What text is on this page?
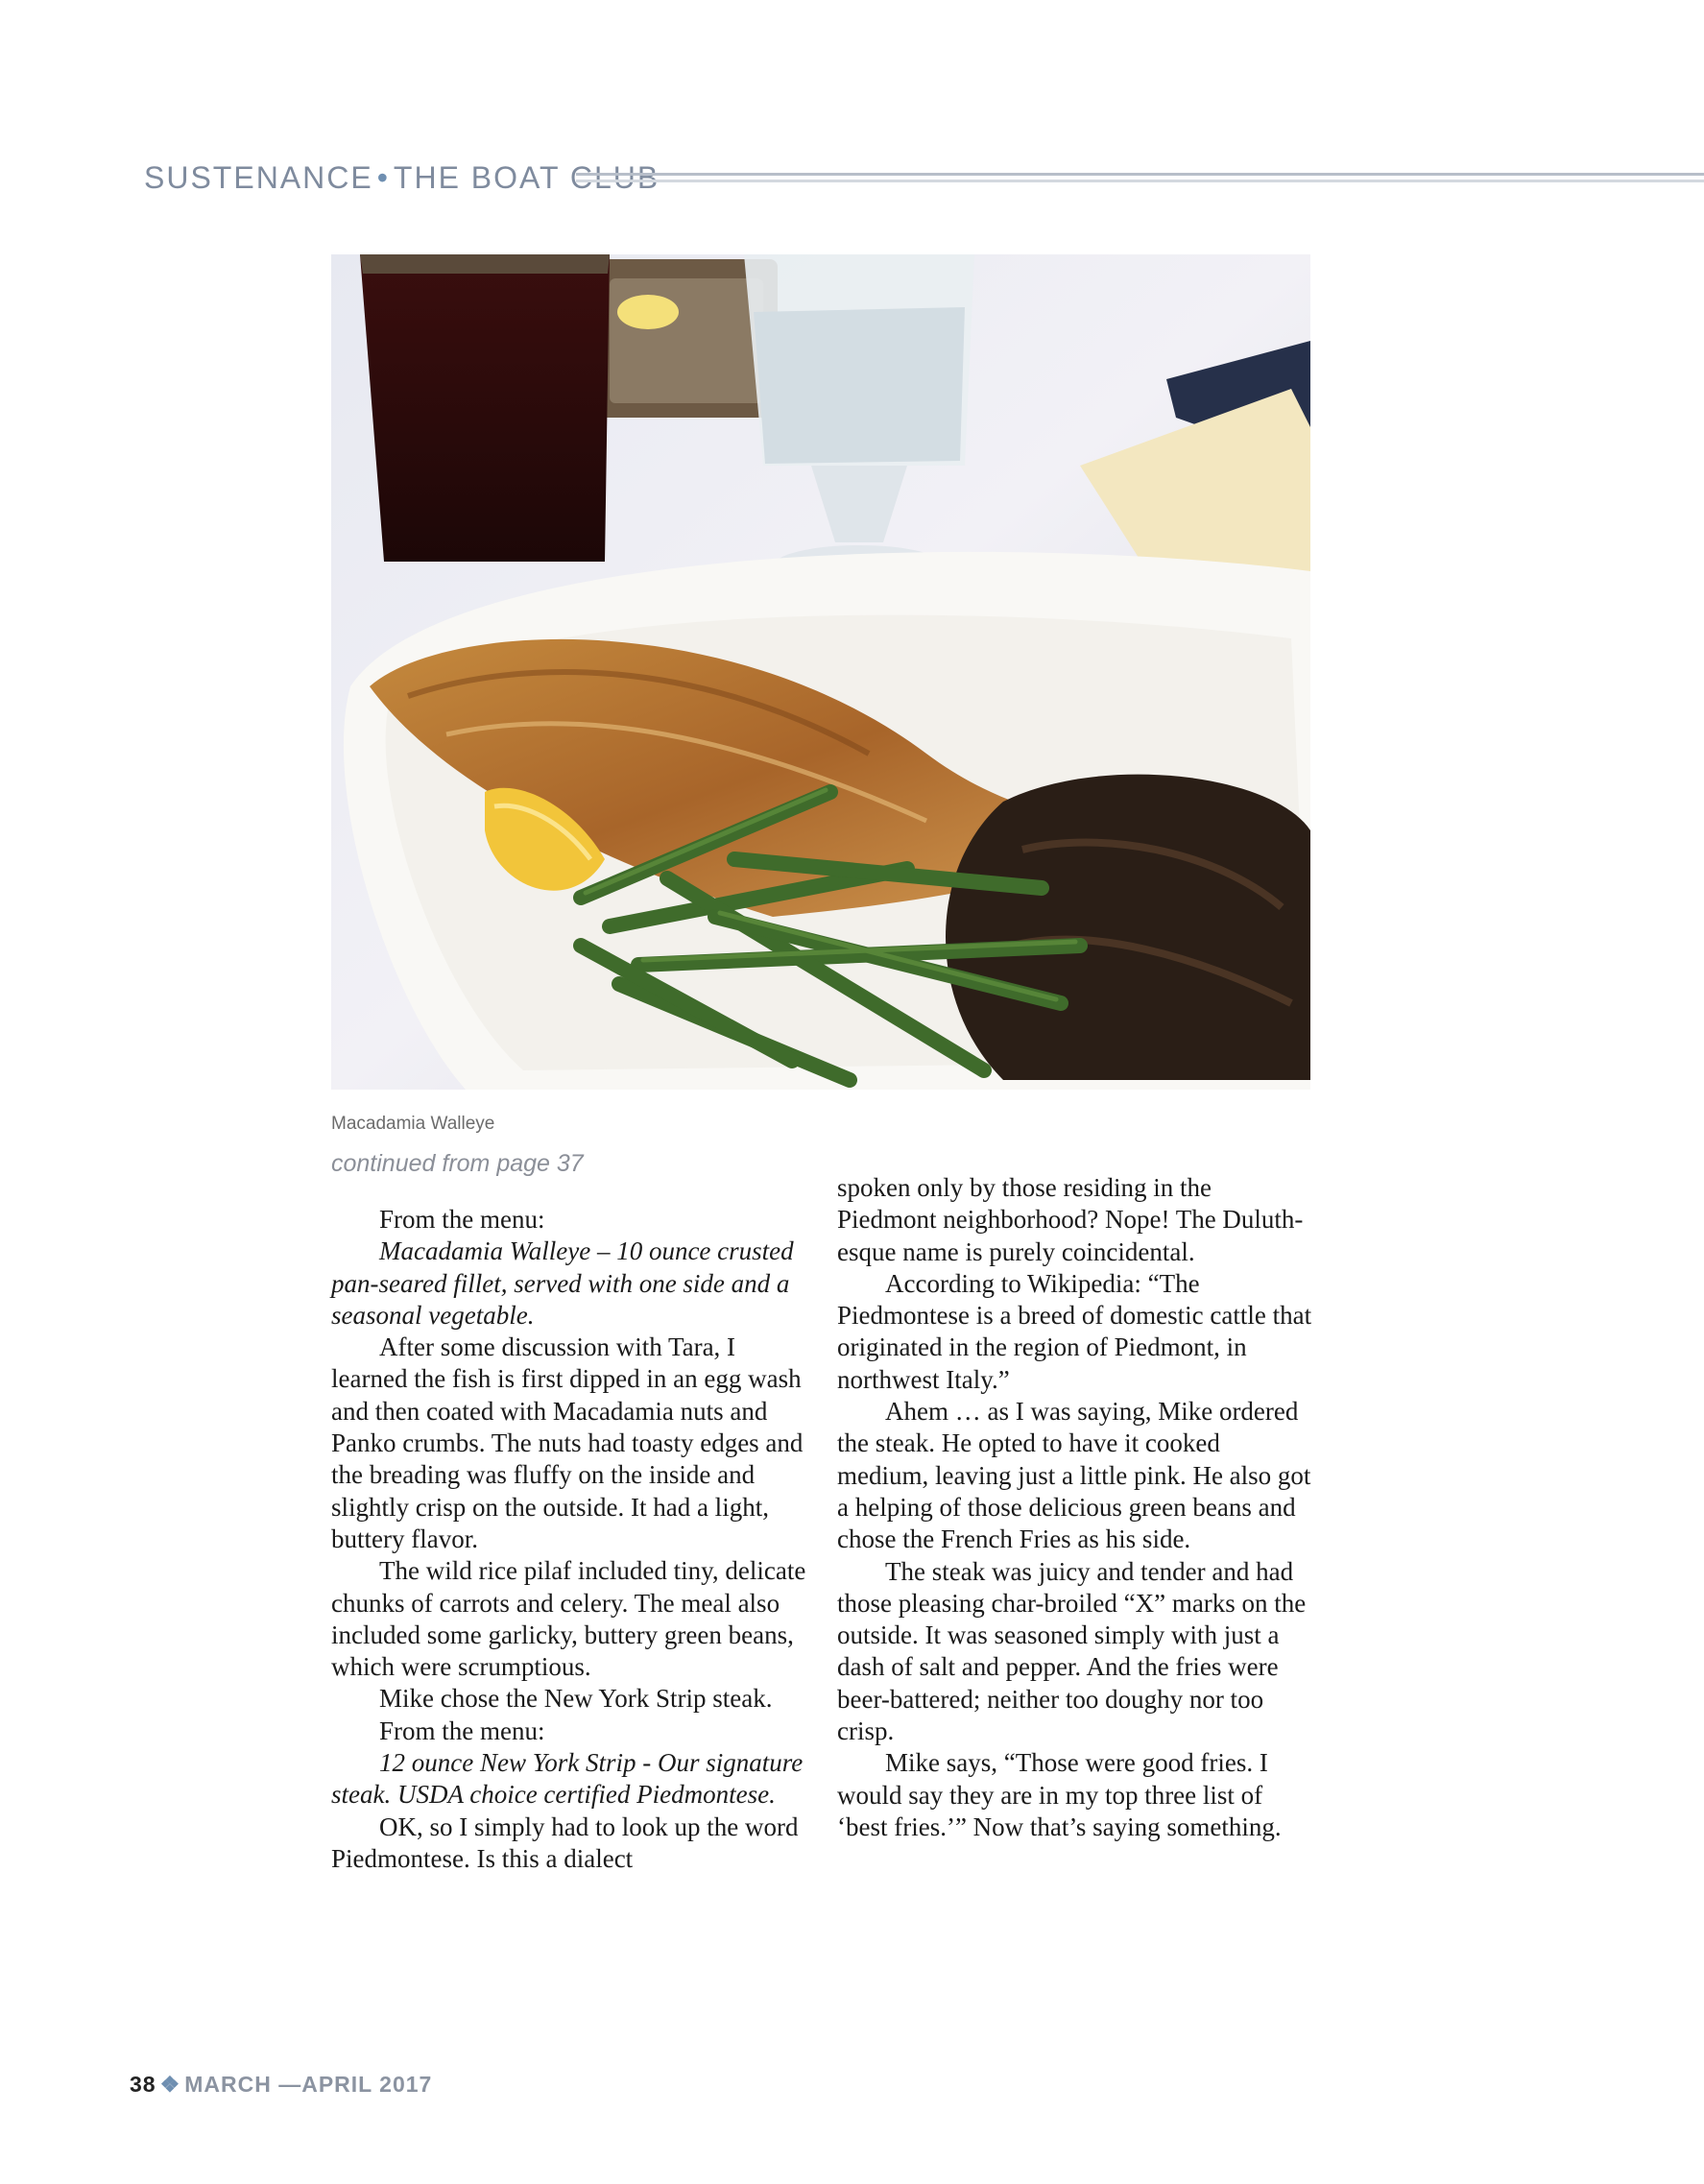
SUSTENANCE • THE BOAT CLUB
Macadamia Walleye
continued from page 37

From the menu:

Macadamia Walleye – 10 ounce crusted pan-seared fillet, served with one side and a seasonal vegetable.

After some discussion with Tara, I learned the fish is first dipped in an egg wash and then coated with Macadamia nuts and Panko crumbs. The nuts had toasty edges and the breading was fluffy on the inside and slightly crisp on the outside. It had a light, buttery flavor.

The wild rice pilaf included tiny, delicate chunks of carrots and celery. The meal also included some garlicky, buttery green beans, which were scrumptious.

Mike chose the New York Strip steak.

From the menu:

12 ounce New York Strip - Our signature steak. USDA choice certified Piedmontese.

OK, so I simply had to look up the word Piedmontese. Is this a dialect

spoken only by those residing in the Piedmont neighborhood? Nope! The Duluth-esque name is purely coincidental.

According to Wikipedia: “The Piedmontese is a breed of domestic cattle that originated in the region of Piedmont, in northwest Italy.”

Ahem … as I was saying, Mike ordered the steak. He opted to have it cooked medium, leaving just a little pink. He also got a helping of those delicious green beans and chose the French Fries as his side.

The steak was juicy and tender and had those pleasing char-broiled “X” marks on the outside. It was seasoned simply with just a dash of salt and pepper. And the fries were beer-battered; neither too doughy nor too crisp.

Mike says, “Those were good fries. I would say they are in my top three list of ‘best fries.’” Now that’s saying something.

38 ❖ MARCH —APRIL 2017
